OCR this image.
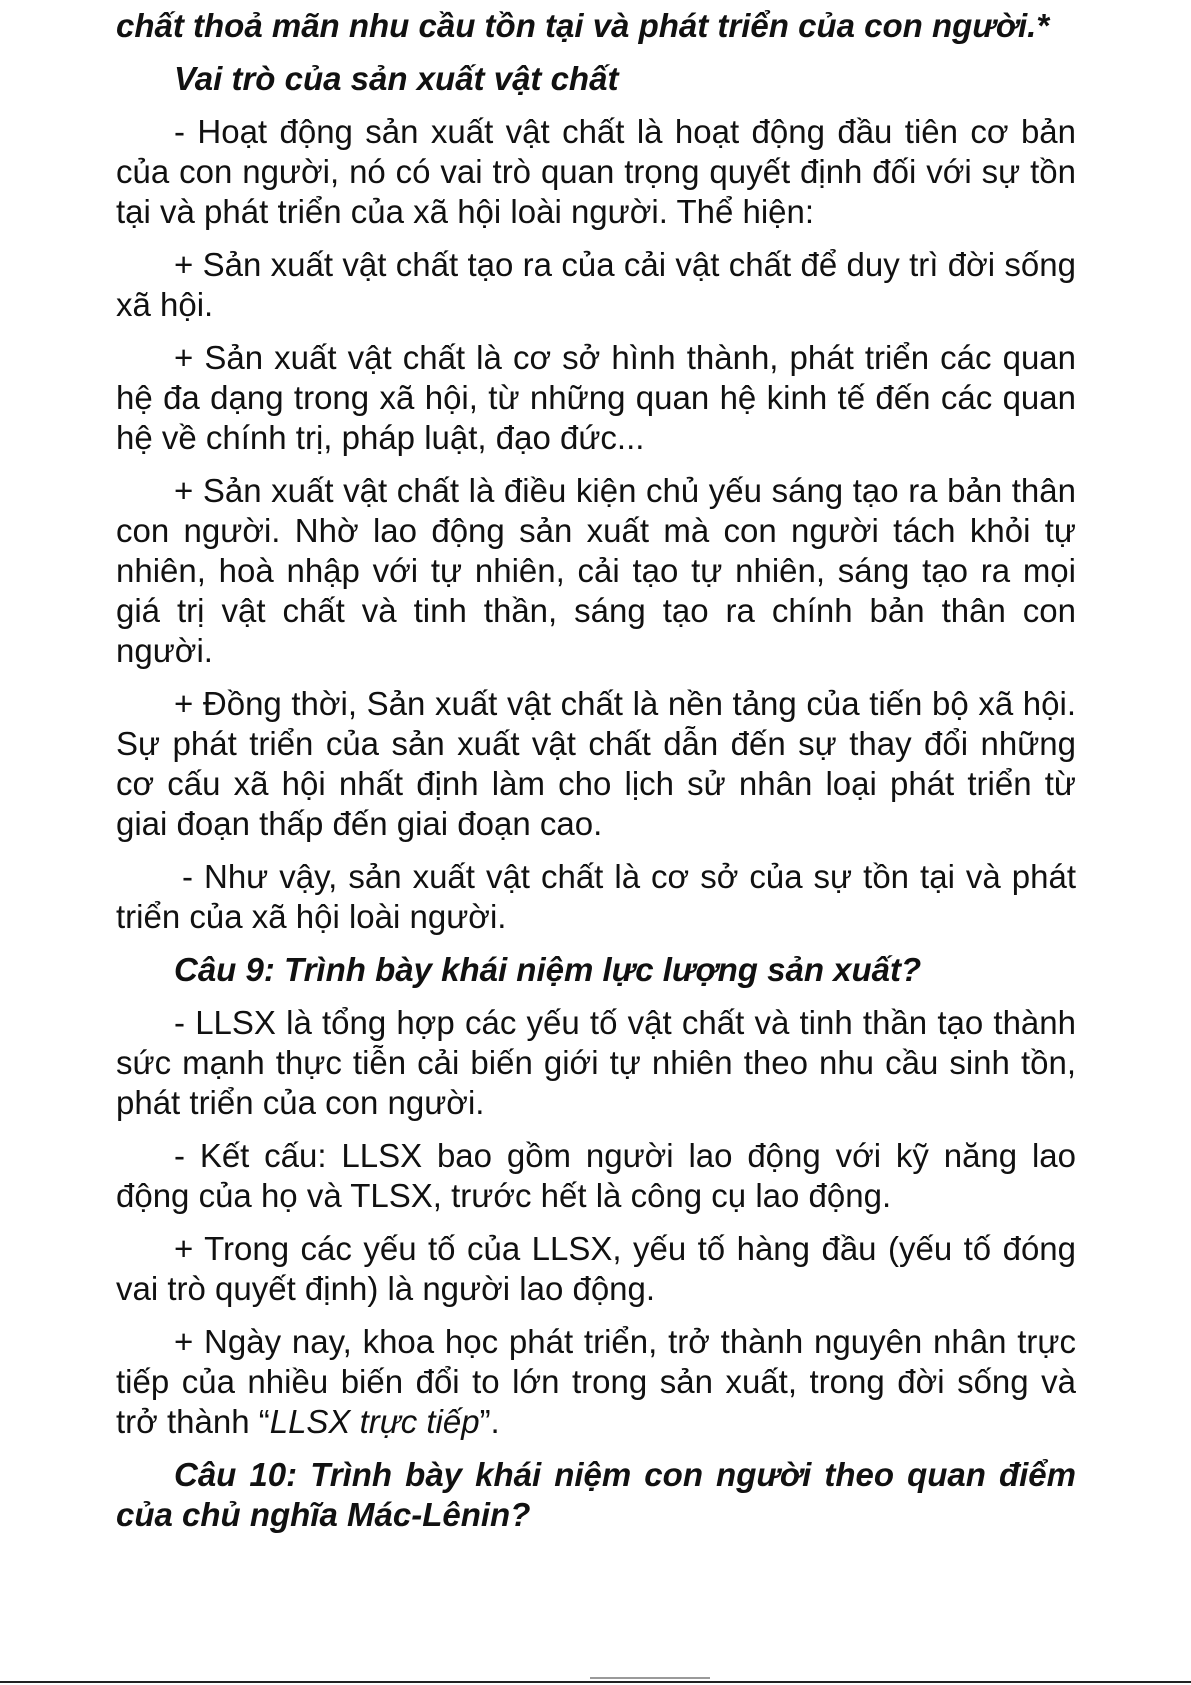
chất thoả mãn nhu cầu tồn tại và phát triển của con người.*

Vai trò của sản xuất vật chất

- Hoạt động sản xuất vật chất là hoạt động đầu tiên cơ bản của con người, nó có vai trò quan trọng quyết định đối với sự tồn tại và phát triển của xã hội loài người. Thể hiện:

+ Sản xuất vật chất tạo ra của cải vật chất để duy trì đời sống xã hội.

+ Sản xuất vật chất là cơ sở hình thành, phát triển các quan hệ đa dạng trong xã hội, từ những quan hệ kinh tế đến các quan hệ về chính trị, pháp luật, đạo đức...

+ Sản xuất vật chất là điều kiện chủ yếu sáng tạo ra bản thân con người. Nhờ lao động sản xuất mà con người tách khỏi tự nhiên, hoà nhập với tự nhiên, cải tạo tự nhiên, sáng tạo ra mọi giá trị vật chất và tinh thần, sáng tạo ra chính bản thân con người.

+ Đồng thời, Sản xuất vật chất là nền tảng của tiến bộ xã hội. Sự phát triển của sản xuất vật chất dẫn đến sự thay đổi những cơ cấu xã hội nhất định làm cho lịch sử nhân loại phát triển từ giai đoạn thấp đến giai đoạn cao.

- Như vậy, sản xuất vật chất là cơ sở của sự tồn tại và phát triển của xã hội loài người.

Câu 9: Trình bày khái niệm lực lượng sản xuất?

- LLSX là tổng hợp các yếu tố vật chất và tinh thần tạo thành sức mạnh thực tiễn cải biến giới tự nhiên theo nhu cầu sinh tồn, phát triển của con người.

- Kết cấu: LLSX bao gồm người lao động với kỹ năng lao động của họ và TLSX, trước hết là công cụ lao động.

+ Trong các yếu tố của LLSX, yếu tố hàng đầu (yếu tố đóng vai trò quyết định) là người lao động.

+ Ngày nay, khoa học phát triển, trở thành nguyên nhân trực tiếp của nhiều biến đổi to lớn trong sản xuất, trong đời sống và trở thành “LLSX trực tiếp”.

Câu 10: Trình bày khái niệm con người theo quan điểm của chủ nghĩa Mác-Lênin?
